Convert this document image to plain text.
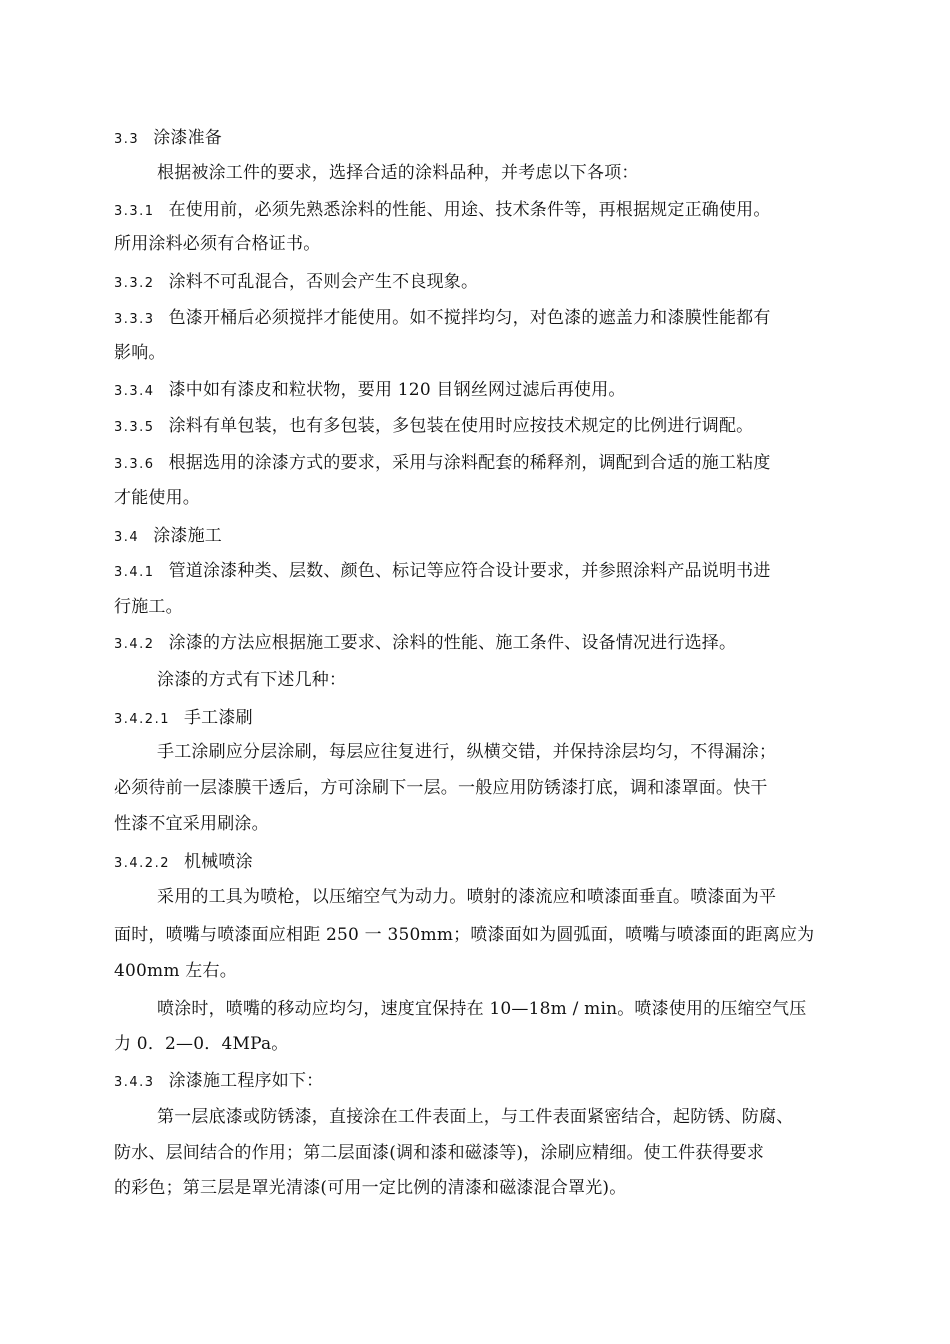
3.3 涂漆准备
根据被涂工件的要求，选择合适的涂料品种，并考虑以下各项：
3.3.1 在使用前，必须先熟悉涂料的性能、用途、技术条件等，再根据规定正确使用。
所用涂料必须有合格证书。
3.3.2 涂料不可乱混合，否则会产生不良现象。
3.3.3 色漆开桶后必须搅拌才能使用。如不搅拌均匀，对色漆的遮盖力和漆膜性能都有
影响。
3.3.4 漆中如有漆皮和粒状物，要用 120 目钢丝网过滤后再使用。
3.3.5 涂料有单包装，也有多包装，多包装在使用时应按技术规定的比例进行调配。
3.3.6 根据选用的涂漆方式的要求，采用与涂料配套的稀释剂，调配到合适的施工粘度
才能使用。
3.4 涂漆施工
3.4.1 管道涂漆种类、层数、颜色、标记等应符合设计要求，并参照涂料产品说明书进
行施工。
3.4.2 涂漆的方法应根据施工要求、涂料的性能、施工条件、设备情况进行选择。
涂漆的方式有下述几种：
3.4.2.1 手工漆刷
手工涂刷应分层涂刷，每层应往复进行，纵横交错，并保持涂层均匀，不得漏涂；
必须待前一层漆膜干透后，方可涂刷下一层。一般应用防锈漆打底，调和漆罩面。快干
性漆不宜采用刷涂。
3.4.2.2 机械喷涂
采用的工具为喷枪，以压缩空气为动力。喷射的漆流应和喷漆面垂直。喷漆面为平
面时，喷嘴与喷漆面应相距 250 一 350mm；喷漆面如为圆弧面，喷嘴与喷漆面的距离应为
400mm 左右。
喷涂时，喷嘴的移动应均匀，速度宜保持在 10—18m / min。喷漆使用的压缩空气压
力 0．2—0．4MPa。
3.4.3 涂漆施工程序如下：
第一层底漆或防锈漆，直接涂在工件表面上，与工件表面紧密结合，起防锈、防腐、
防水、层间结合的作用；第二层面漆(调和漆和磁漆等)，涂刷应精细。使工件获得要求
的彩色；第三层是罩光清漆(可用一定比例的清漆和磁漆混合罩光)。
